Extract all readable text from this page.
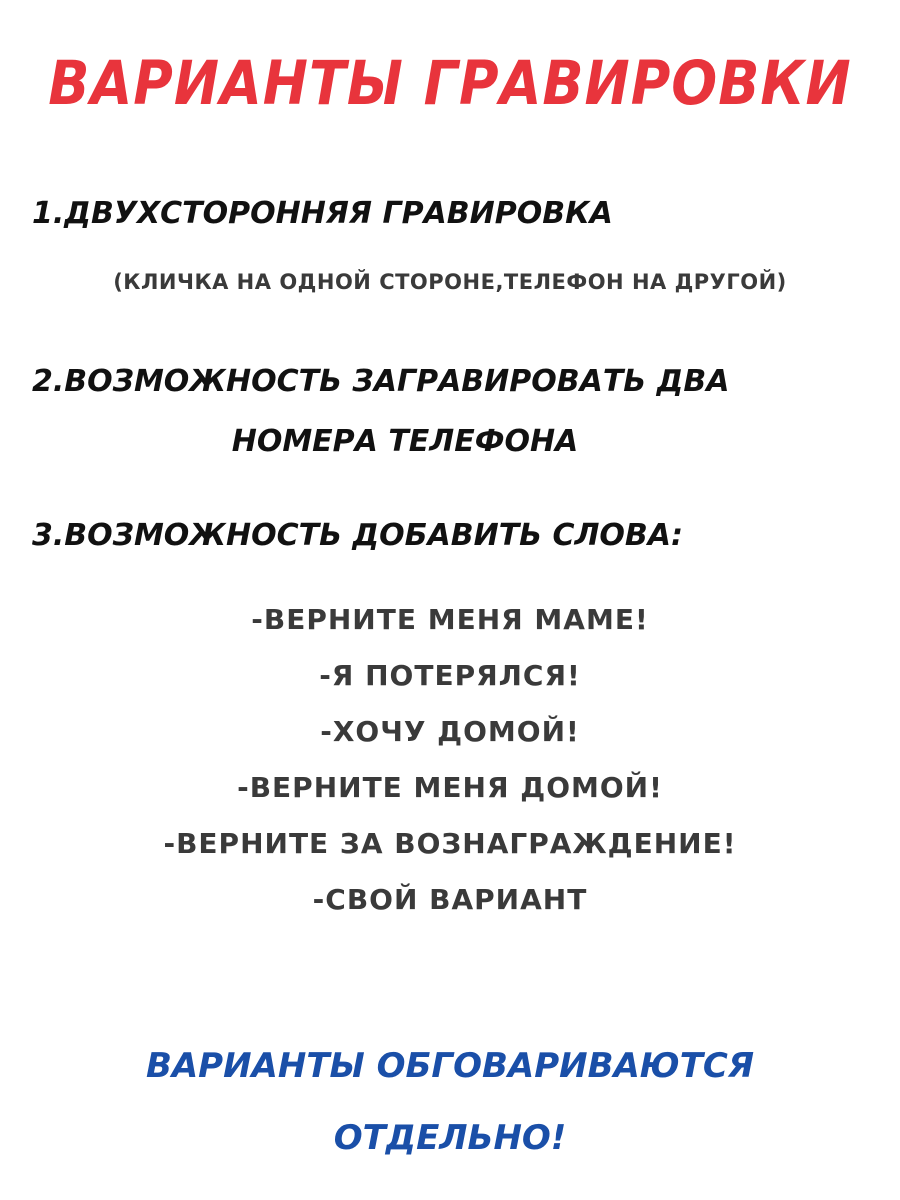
ВАРИАНТЫ ГРАВИРОВКИ
1.ДВУХСТОРОННЯЯ ГРАВИРОВКА
(КЛИЧКА НА ОДНОЙ СТОРОНЕ,ТЕЛЕФОН НА ДРУГОЙ)
2.ВОЗМОЖНОСТЬ ЗАГРАВИРОВАТЬ ДВА
НОМЕРА ТЕЛЕФОНА
3.ВОЗМОЖНОСТЬ ДОБАВИТЬ СЛОВА:
-ВЕРНИТЕ МЕНЯ МАМЕ!
-Я ПОТЕРЯЛСЯ!
-ХОЧУ ДОМОЙ!
-ВЕРНИТЕ МЕНЯ ДОМОЙ!
-ВЕРНИТЕ ЗА ВОЗНАГРАЖДЕНИЕ!
-СВОЙ ВАРИАНТ
ВАРИАНТЫ ОБГОВАРИВАЮТСЯ
ОТДЕЛЬНО!
